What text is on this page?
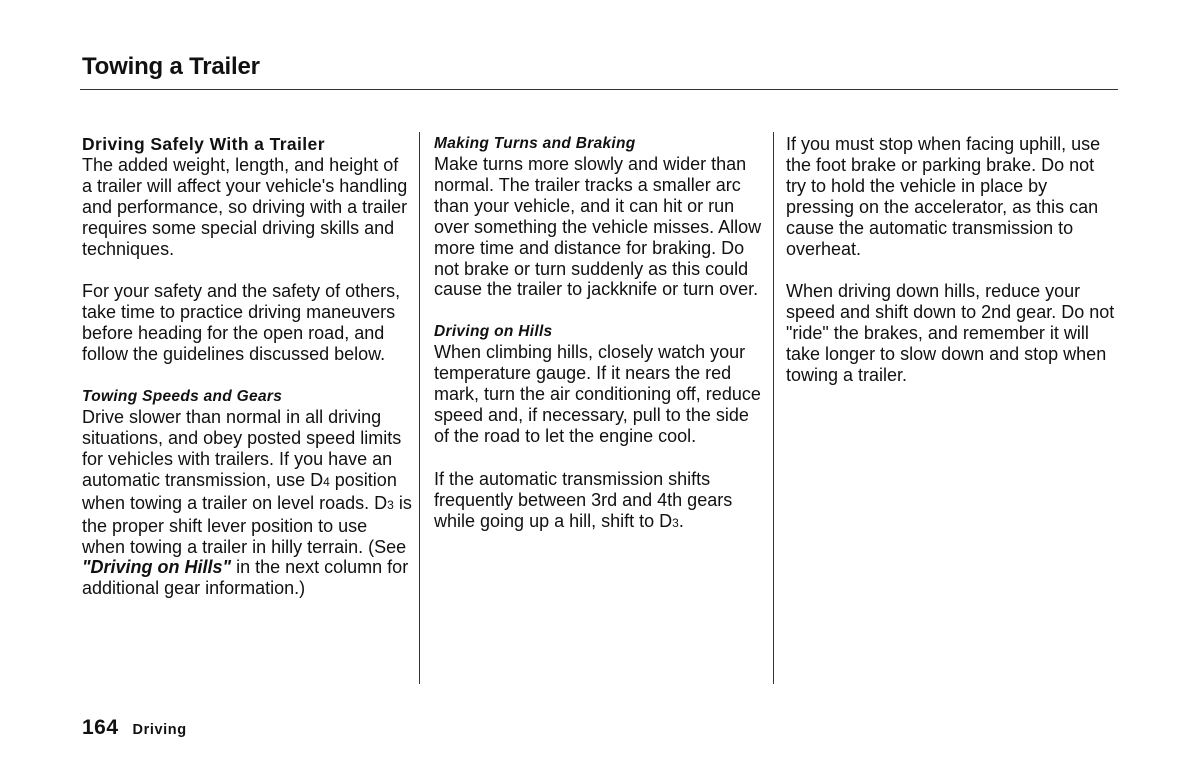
Towing a Trailer

Driving Safely With a Trailer

The added weight, length, and height of a trailer will affect your vehicle's handling and performance, so driving with a trailer requires some special driving skills and techniques.

For your safety and the safety of others, take time to practice driving maneuvers before heading for the open road, and follow the guidelines discussed below.

Towing Speeds and Gears

Drive slower than normal in all driving situations, and obey posted speed limits for vehicles with trailers. If you have an automatic transmission, use D4 position when towing a trailer on level roads. D3 is the proper shift lever position to use when towing a trailer in hilly terrain. (See "Driving on Hills" in the next column for additional gear information.)

Making Turns and Braking

Make turns more slowly and wider than normal. The trailer tracks a smaller arc than your vehicle, and it can hit or run over something the vehicle misses. Allow more time and distance for braking. Do not brake or turn suddenly as this could cause the trailer to jackknife or turn over.

Driving on Hills

When climbing hills, closely watch your temperature gauge. If it nears the red mark, turn the air conditioning off, reduce speed and, if necessary, pull to the side of the road to let the engine cool.

If the automatic transmission shifts frequently between 3rd and 4th gears while going up a hill, shift to D3.

If you must stop when facing uphill, use the foot brake or parking brake. Do not try to hold the vehicle in place by pressing on the accelerator, as this can cause the automatic transmission to overheat.

When driving down hills, reduce your speed and shift down to 2nd gear. Do not "ride" the brakes, and remember it will take longer to slow down and stop when towing a trailer.

164 Driving
